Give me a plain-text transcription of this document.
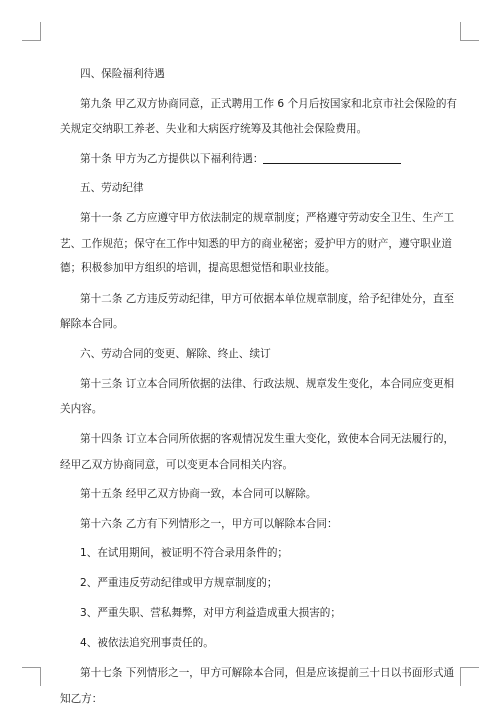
四、保险福利待遇
第九条 甲乙双方协商同意，正式聘用工作 6 个月后按国家和北京市社会保险的有
关规定交纳职工养老、失业和大病医疗统筹及其他社会保险费用。
第十条 甲方为乙方提供以下福利待遇：
五、劳动纪律
第十一条 乙方应遵守甲方依法制定的规章制度；严格遵守劳动安全卫生、生产工
艺、工作规范；保守在工作中知悉的甲方的商业秘密；爱护甲方的财产，遵守职业道
德；积极参加甲方组织的培训，提高思想觉悟和职业技能。
第十二条 乙方违反劳动纪律，甲方可依据本单位规章制度，给予纪律处分，直至
解除本合同。
六、劳动合同的变更、解除、终止、续订
第十三条 订立本合同所依据的法律、行政法规、规章发生变化，本合同应变更相
关内容。
第十四条 订立本合同所依据的客观情况发生重大变化，致使本合同无法履行的，
经甲乙双方协商同意，可以变更本合同相关内容。
第十五条 经甲乙双方协商一致，本合同可以解除。
第十六条 乙方有下列情形之一，甲方可以解除本合同：
1、在试用期间，被证明不符合录用条件的；
2、严重违反劳动纪律或甲方规章制度的；
3、严重失职、营私舞弊，对甲方利益造成重大损害的；
4、被依法追究刑事责任的。
第十七条 下列情形之一，甲方可解除本合同，但是应该提前三十日以书面形式通
知乙方：
